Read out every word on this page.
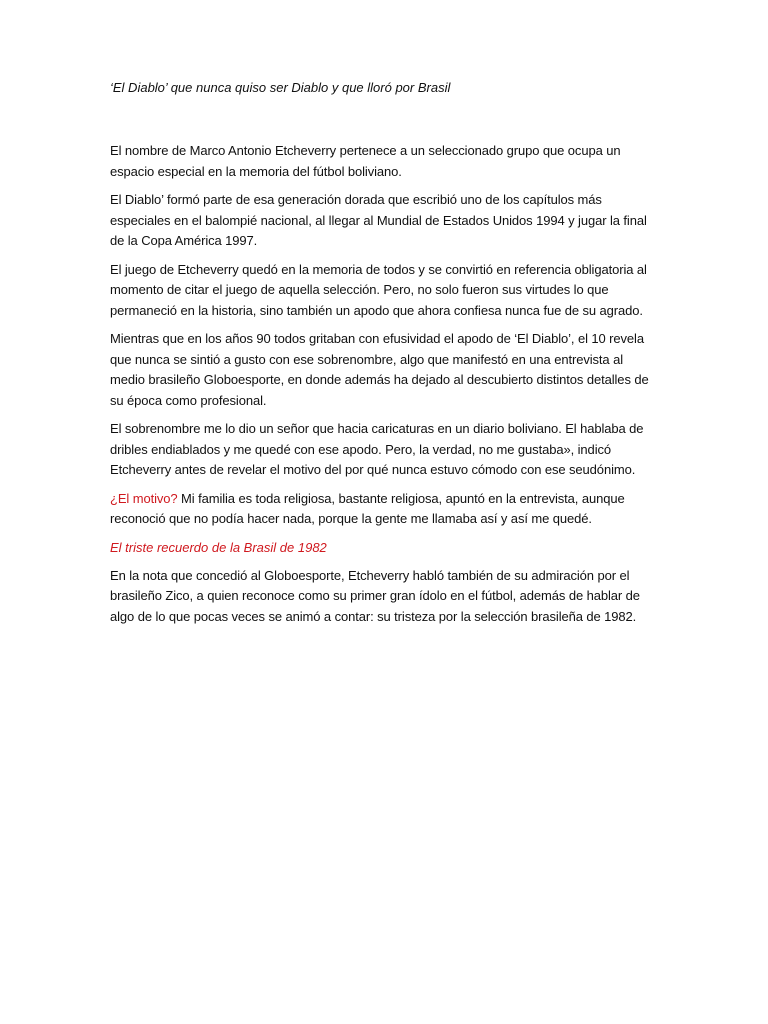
‘El Diablo’ que nunca quiso ser Diablo y que lloró por Brasil

El nombre de Marco Antonio Etcheverry pertenece a un seleccionado grupo que ocupa un espacio especial en la memoria del fútbol boliviano.

El Diablo’ formó parte de esa generación dorada que escribió uno de los capítulos más especiales en el balompié nacional, al llegar al Mundial de Estados Unidos 1994 y jugar la final de la Copa América 1997.

El juego de Etcheverry quedó en la memoria de todos y se convirtió en referencia obligatoria al momento de citar el juego de aquella selección. Pero, no solo fueron sus virtudes lo que permaneció en la historia, sino también un apodo que ahora confiesa nunca fue de su agrado.

Mientras que en los años 90 todos gritaban con efusividad el apodo de ‘El Diablo’, el 10 revela que nunca se sintió a gusto con ese sobrenombre, algo que manifestó en una entrevista al medio brasileño Globoesporte, en donde además ha dejado al descubierto distintos detalles de su época como profesional.

El sobrenombre me lo dio un señor que hacia caricaturas en un diario boliviano. El hablaba de dribles endiablados y me quedé con ese apodo. Pero, la verdad, no me gustaba», indicó Etcheverry antes de revelar el motivo del por qué nunca estuvo cómodo con ese seudónimo.

¿El motivo? Mi familia es toda religiosa, bastante religiosa, apuntó en la entrevista, aunque reconoció que no podía hacer nada, porque la gente me llamaba así y así me quedé.

El triste recuerdo de la Brasil de 1982

En la nota que concedió al Globoesporte, Etcheverry habló también de su admiración por el brasileño Zico, a quien reconoce como su primer gran ídolo en el fútbol, además de hablar de algo de lo que pocas veces se animó a contar: su tristeza por la selección brasileña de 1982.
